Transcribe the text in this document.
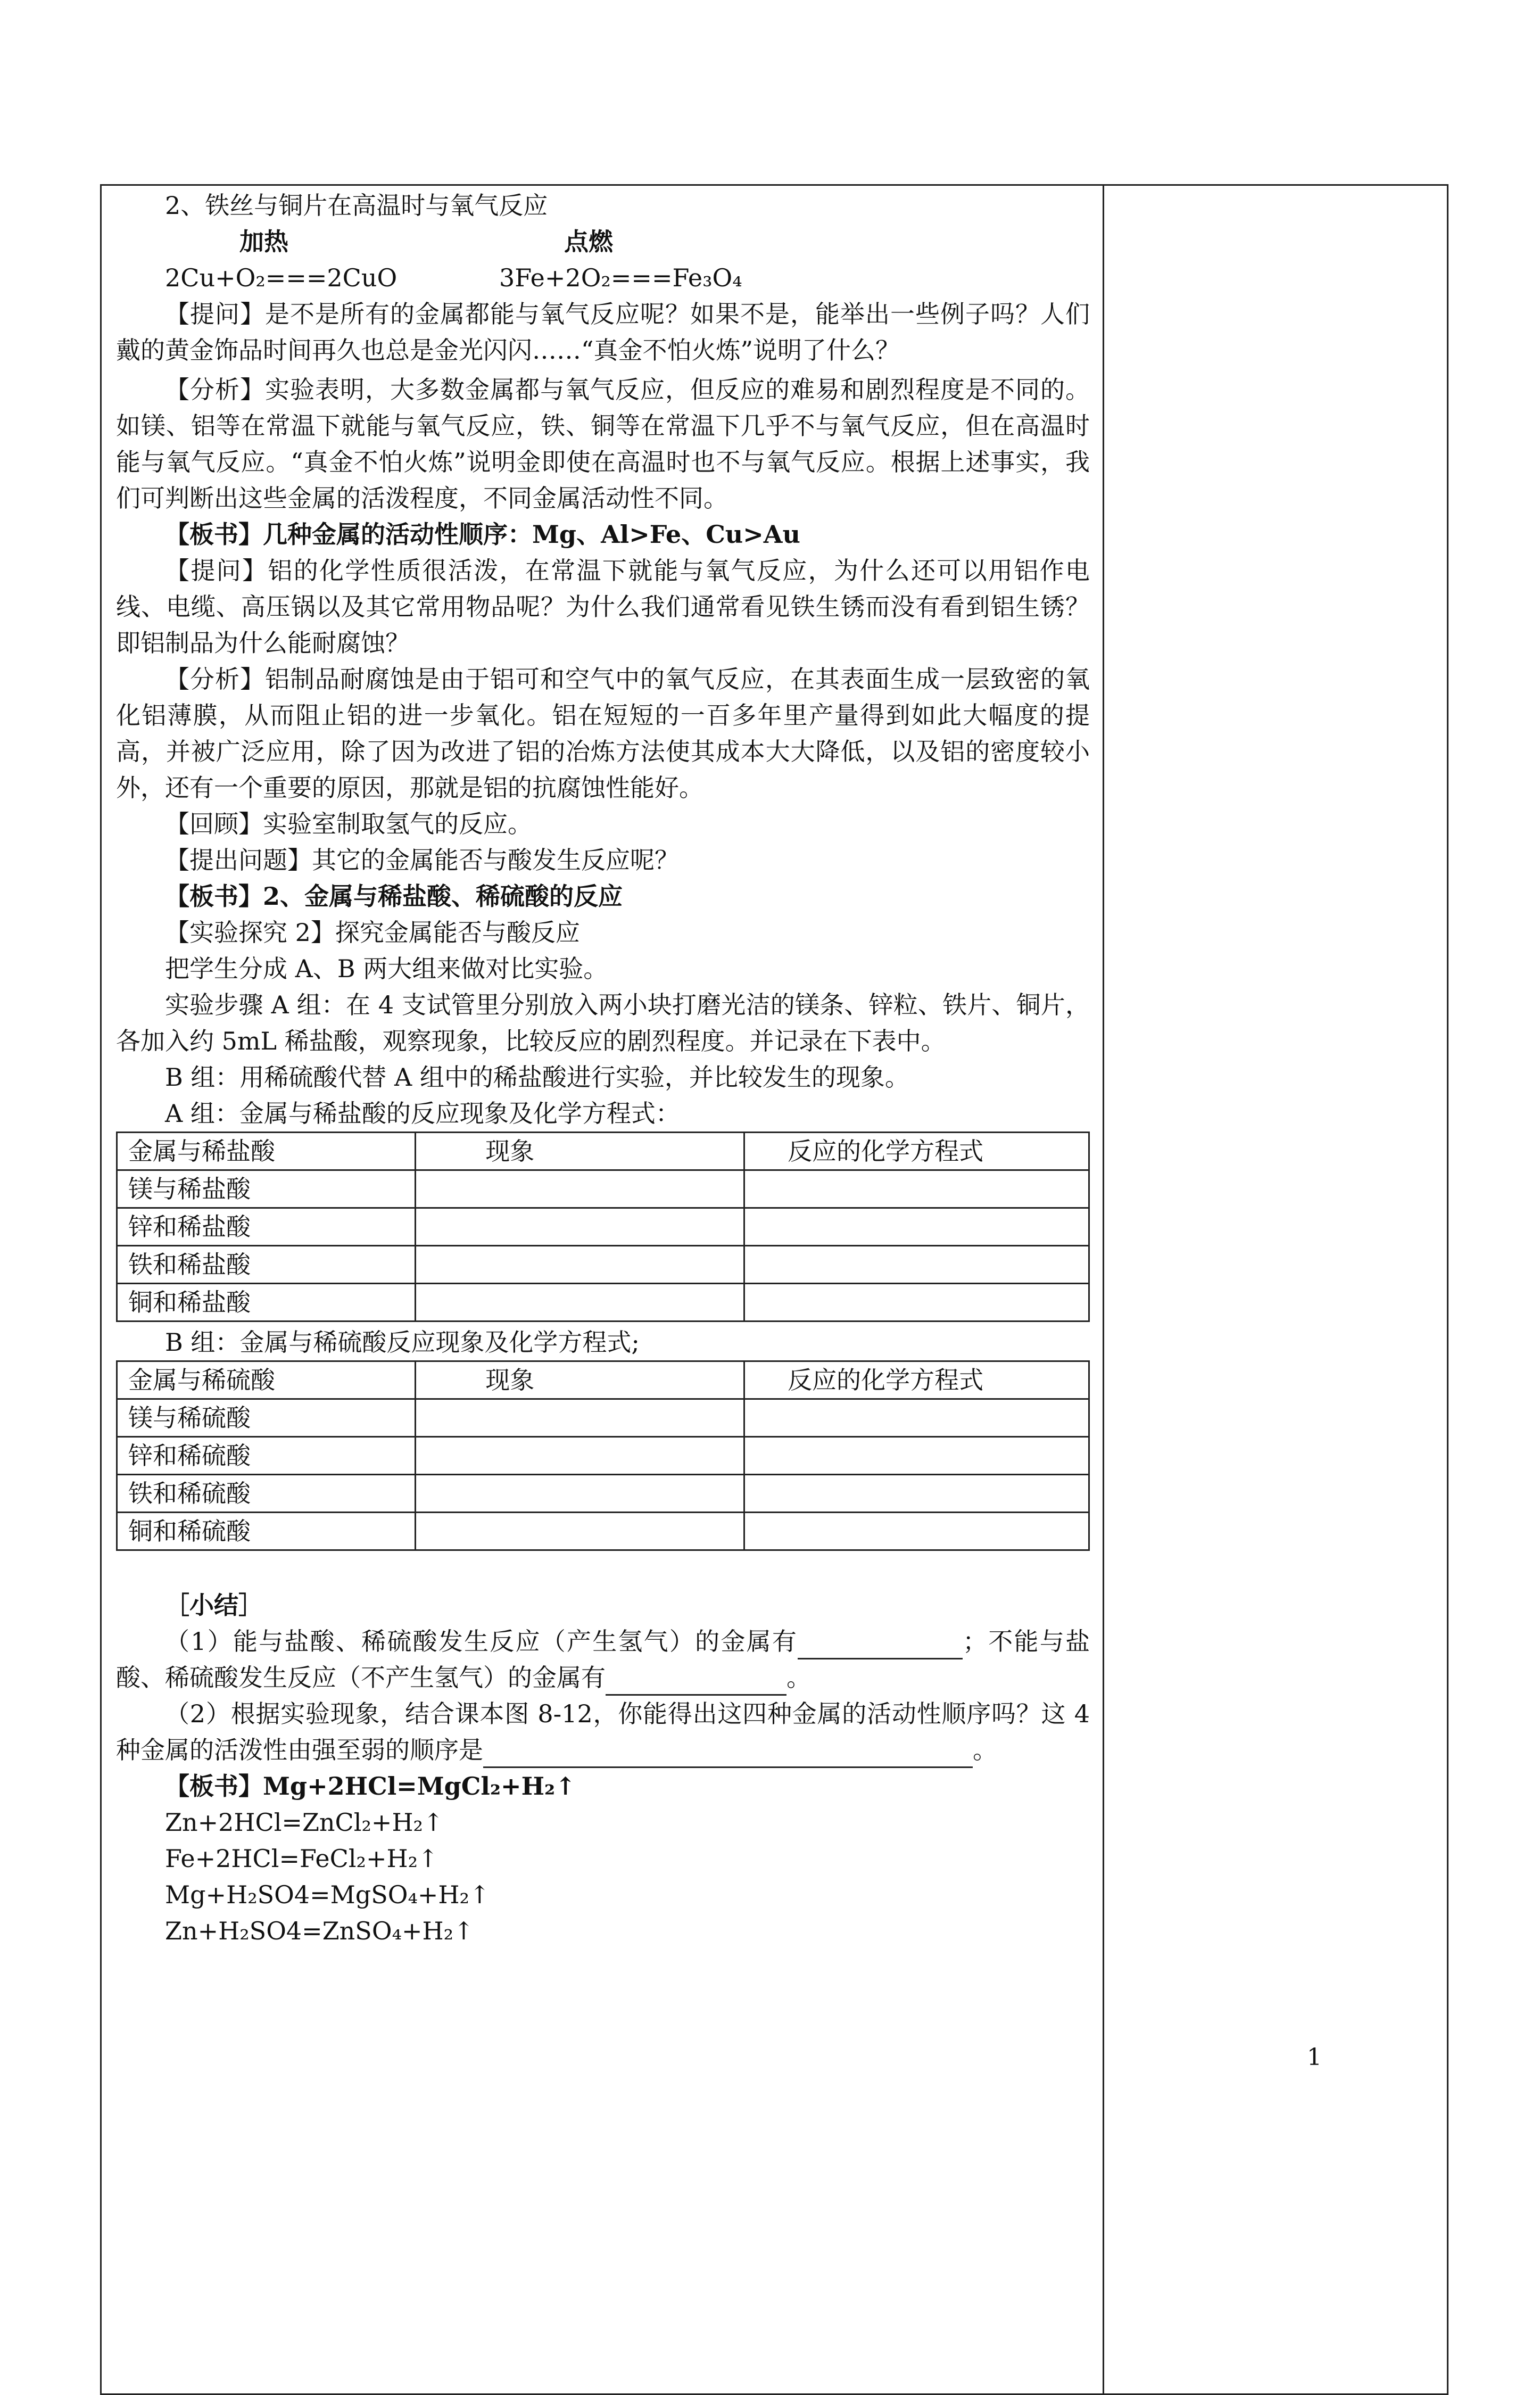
2、铁丝与铜片在高温时与氧气反应

加热	点燃
2Cu+O₂===2CuO	3Fe+2O₂===Fe₃O₄

【提问】是不是所有的金属都能与氧气反应呢？如果不是，能举出一些例子吗？人们戴的黄金饰品时间再久也总是金光闪闪……“真金不怕火炼”说明了什么？

【分析】实验表明，大多数金属都与氧气反应，但反应的难易和剧烈程度是不同的。如镁、铝等在常温下就能与氧气反应，铁、铜等在常温下几乎不与氧气反应，但在高温时能与氧气反应。“真金不怕火炼”说明金即使在高温时也不与氧气反应。根据上述事实，我们可判断出这些金属的活泼程度，不同金属活动性不同。

【板书】几种金属的活动性顺序：Mg、Al>Fe、Cu>Au

【提问】铝的化学性质很活泼，在常温下就能与氧气反应，为什么还可以用铝作电线、电缆、高压锅以及其它常用物品呢？为什么我们通常看见铁生锈而没有看到铝生锈？即铝制品为什么能耐腐蚀？

【分析】铝制品耐腐蚀是由于铝可和空气中的氧气反应，在其表面生成一层致密的氧化铝薄膜，从而阻止铝的进一步氧化。铝在短短的一百多年里产量得到如此大幅度的提高，并被广泛应用，除了因为改进了铝的冶炼方法使其成本大大降低，以及铝的密度较小外，还有一个重要的原因，那就是铝的抗腐蚀性能好。

【回顾】实验室制取氢气的反应。

【提出问题】其它的金属能否与酸发生反应呢？

【板书】2、金属与稀盐酸、稀硫酸的反应

【实验探究 2】探究金属能否与酸反应

把学生分成 A、B 两大组来做对比实验。

实验步骤 A 组：在 4 支试管里分别放入两小块打磨光洁的镁条、锌粒、铁片、铜片，各加入约 5mL 稀盐酸，观察现象，比较反应的剧烈程度。并记录在下表中。

B 组：用稀硫酸代替 A 组中的稀盐酸进行实验，并比较发生的现象。

A 组：金属与稀盐酸的反应现象及化学方程式：

金属与稀盐酸	现象	反应的化学方程式
镁与稀盐酸		
锌和稀盐酸		
铁和稀盐酸		
铜和稀盐酸		

B 组：金属与稀硫酸反应现象及化学方程式;

金属与稀硫酸	现象	反应的化学方程式
镁与稀硫酸		
锌和稀硫酸		
铁和稀硫酸		
铜和稀硫酸		

［小结］

（1）能与盐酸、稀硫酸发生反应（产生氢气）的金属有	；不能与盐酸、稀硫酸发生反应（不产生氢气）的金属有	。

（2）根据实验现象，结合课本图 8-12，你能得出这四种金属的活动性顺序吗？这 4 种金属的活泼性由强至弱的顺序是	。

【板书】Mg+2HCl=MgCl₂+H₂↑

Zn+2HCl=ZnCl₂+H₂↑

Fe+2HCl=FeCl₂+H₂↑

Mg+H₂SO4=MgSO₄+H₂↑

Zn+H₂SO4=ZnSO₄+H₂↑

1
